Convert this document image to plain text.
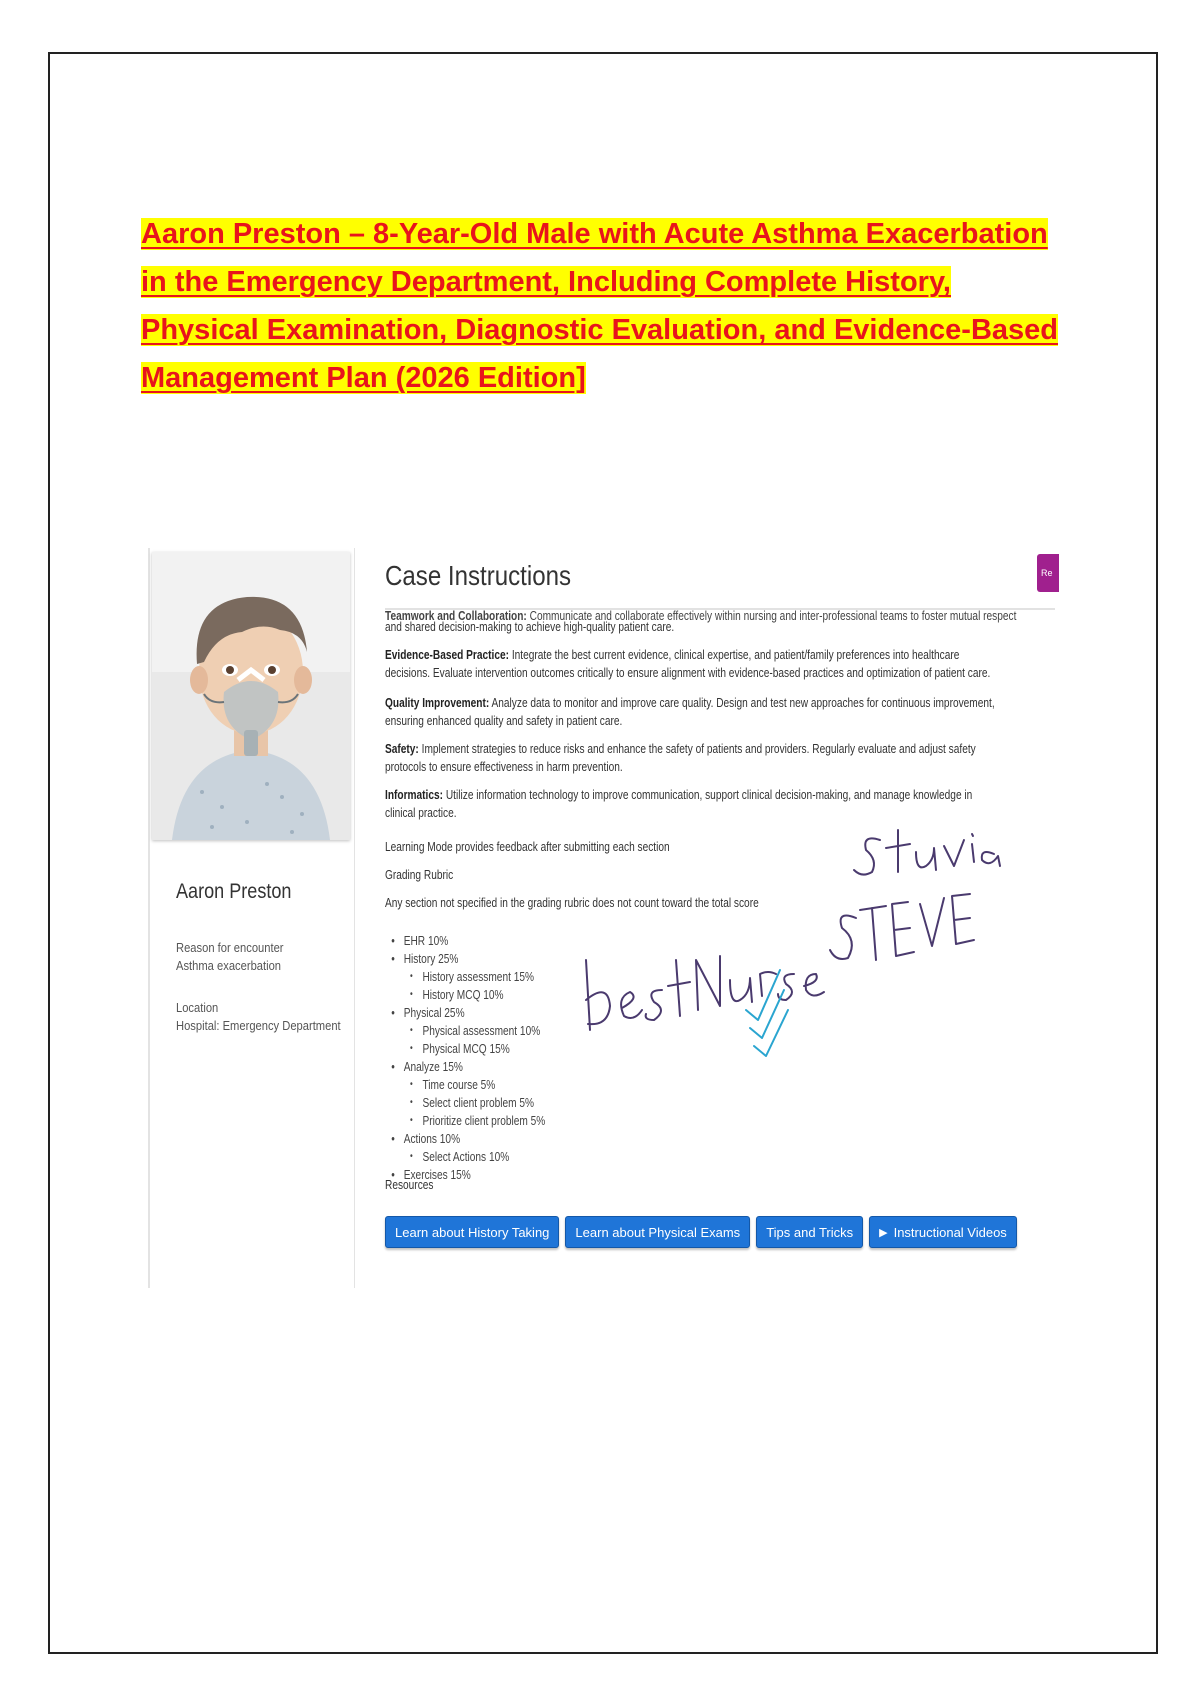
Aaron Preston – 8-Year-Old Male with Acute Asthma Exacerbation in the Emergency Department, Including Complete History, Physical Examination, Diagnostic Evaluation, and Evidence-Based Management Plan (2026 Edition]
Aaron Preston

Reason for encounter

Asthma exacerbation

Location

Hospital: Emergency Department

Case Instructions	Re
Teamwork and Collaboration: Communicate and collaborate effectively within nursing and inter-professional teams to foster mutual respect

and shared decision-making to achieve high-quality patient care.

Evidence-Based Practice: Integrate the best current evidence, clinical expertise, and patient/family preferences into healthcare decisions. Evaluate intervention outcomes critically to ensure alignment with evidence-based practices and optimization of patient care.

Quality Improvement: Analyze data to monitor and improve care quality. Design and test new approaches for continuous improvement, ensuring enhanced quality and safety in patient care.

Safety: Implement strategies to reduce risks and enhance the safety of patients and providers. Regularly evaluate and adjust safety protocols to ensure effectiveness in harm prevention.

Informatics: Utilize information technology to improve communication, support clinical decision-making, and manage knowledge in clinical practice.

Learning Mode provides feedback after submitting each section

Grading Rubric

Any section not specified in the grading rubric does not count toward the total score

• EHR 10%
• History 25%
• History assessment 15%
• History MCQ 10%
• Physical 25%
• Physical assessment 10%
• Physical MCQ 15%
• Analyze 15%
• Time course 5%
• Select client problem 5%
• Prioritize client problem 5%
• Actions 10%
• Select Actions 10%
• Exercises 15%

Resources

Learn about History Taking Learn about Physical Exams Tips and Tricks ▶ Instructional Videos
